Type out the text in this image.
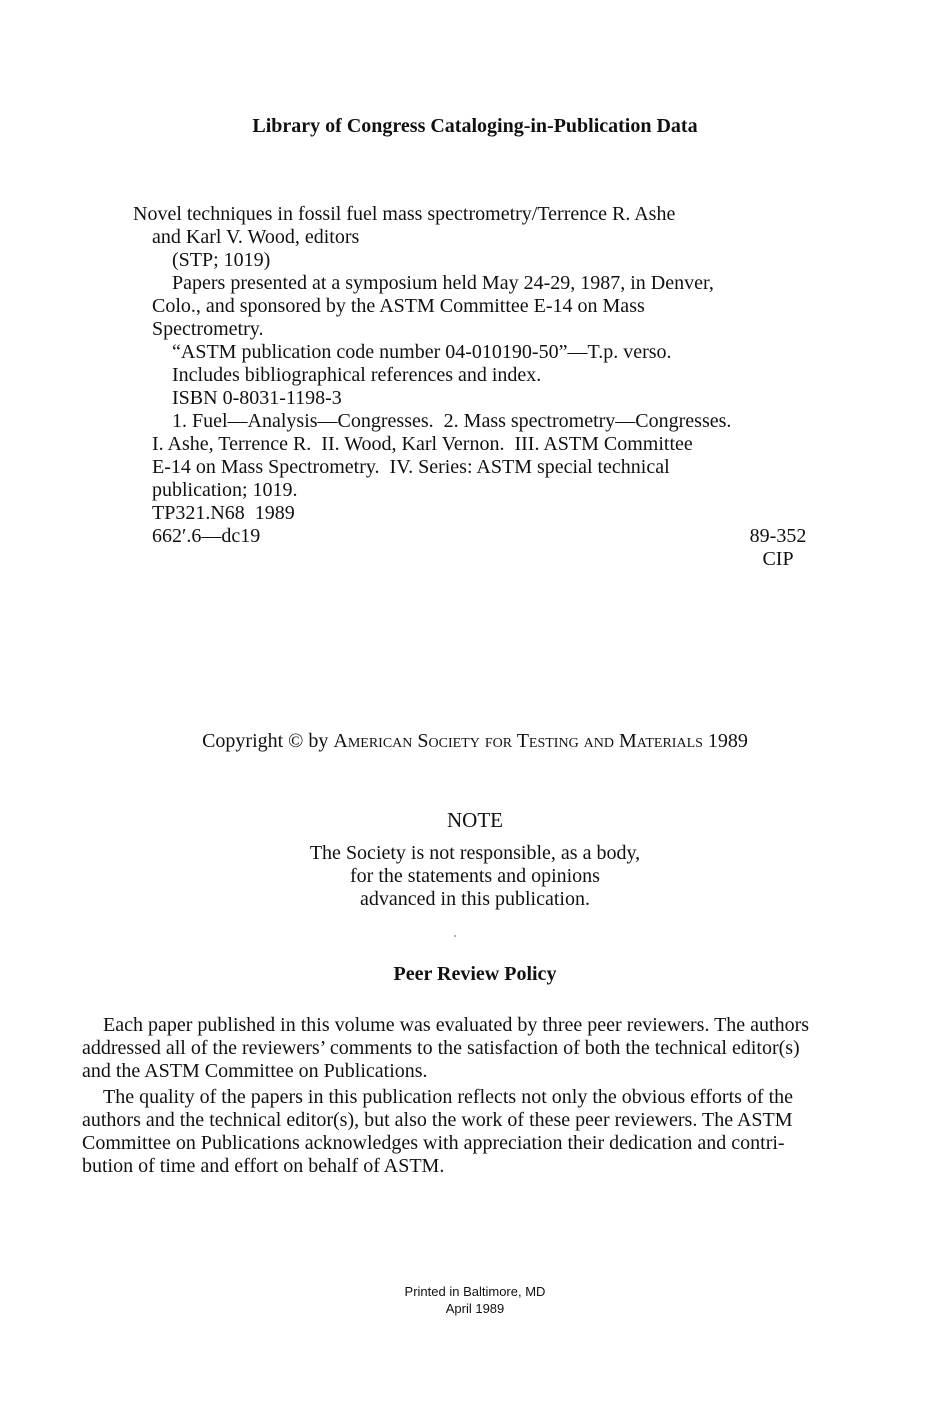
Library of Congress Cataloging-in-Publication Data
Novel techniques in fossil fuel mass spectrometry/Terrence R. Ashe
and Karl V. Wood, editors
(STP; 1019)
Papers presented at a symposium held May 24-29, 1987, in Denver,
Colo., and sponsored by the ASTM Committee E-14 on Mass
Spectrometry.
“ASTM publication code number 04-010190-50”—T.p. verso.
Includes bibliographical references and index.
ISBN 0-8031-1198-3
1. Fuel—Analysis—Congresses.  2. Mass spectrometry—Congresses.
I. Ashe, Terrence R.  II. Wood, Karl Vernon.  III. ASTM Committee
E-14 on Mass Spectrometry.  IV. Series: ASTM special technical
publication; 1019.
TP321.N68  1989
662′.6—dc19	89-352
CIP
Copyright © by American Society for Testing and Materials 1989
NOTE
The Society is not responsible, as a body,
for the statements and opinions
advanced in this publication.
Peer Review Policy
Each paper published in this volume was evaluated by three peer reviewers. The authors
addressed all of the reviewers’ comments to the satisfaction of both the technical editor(s)
and the ASTM Committee on Publications.
The quality of the papers in this publication reflects not only the obvious efforts of the
authors and the technical editor(s), but also the work of these peer reviewers. The ASTM
Committee on Publications acknowledges with appreciation their dedication and contri-
bution of time and effort on behalf of ASTM.
Printed in Baltimore, MD
April 1989
